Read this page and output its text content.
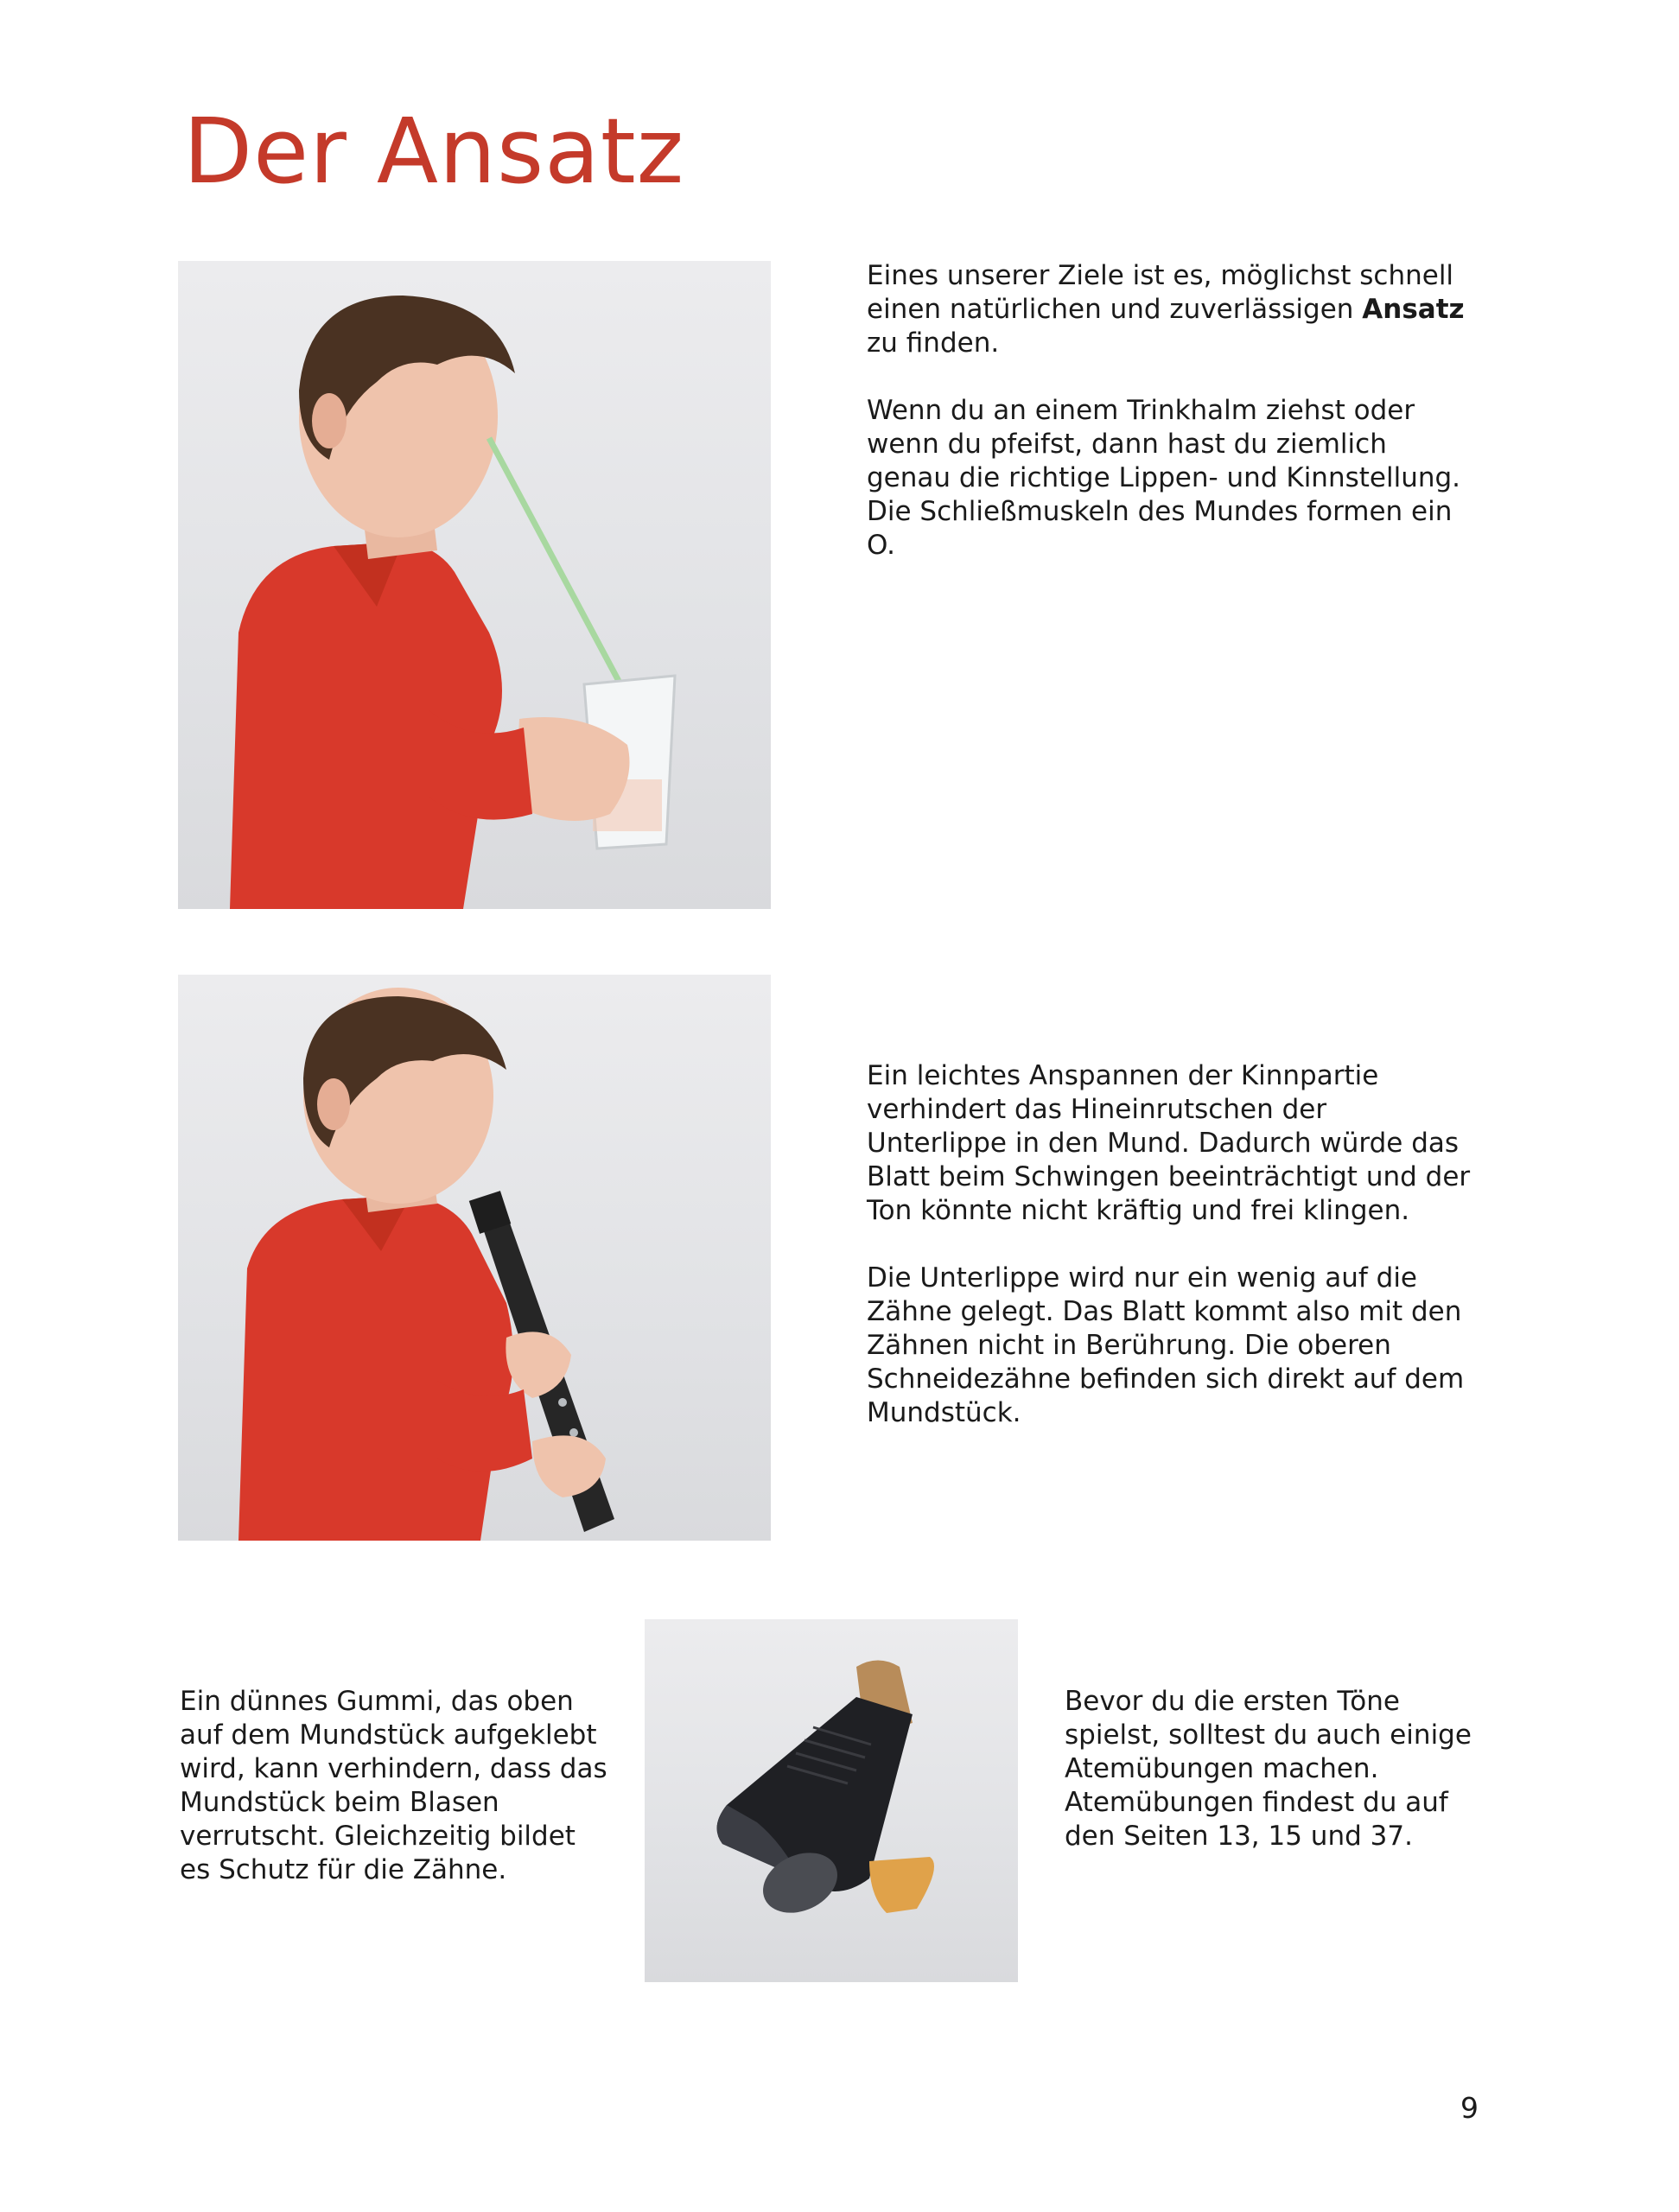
Der Ansatz

Eines unserer Ziele ist es, möglichst schnell einen natürlichen und zuverlässigen Ansatz zu finden.

Wenn du an einem Trinkhalm ziehst oder wenn du pfeifst, dann hast du ziemlich genau die richtige Lippen- und Kinnstellung. Die Schließmuskeln des Mundes formen ein O.

Ein leichtes Anspannen der Kinnpartie verhindert das Hineinrutschen der Unterlippe in den Mund. Dadurch würde das Blatt beim Schwingen beeinträchtigt und der Ton könnte nicht kräftig und frei klingen.

Die Unterlippe wird nur ein wenig auf die Zähne gelegt. Das Blatt kommt also mit den Zähnen nicht in Berührung. Die oberen Schneidezähne befinden sich direkt auf dem Mundstück.

Ein dünnes Gummi, das oben auf dem Mundstück aufgeklebt wird, kann verhindern, dass das Mundstück beim Blasen verrutscht. Gleichzeitig bildet es Schutz für die Zähne.

Bevor du die ersten Töne spielst, solltest du auch einige Atemübungen machen. Atemübungen findest du auf den Seiten 13, 15 und 37.

9
